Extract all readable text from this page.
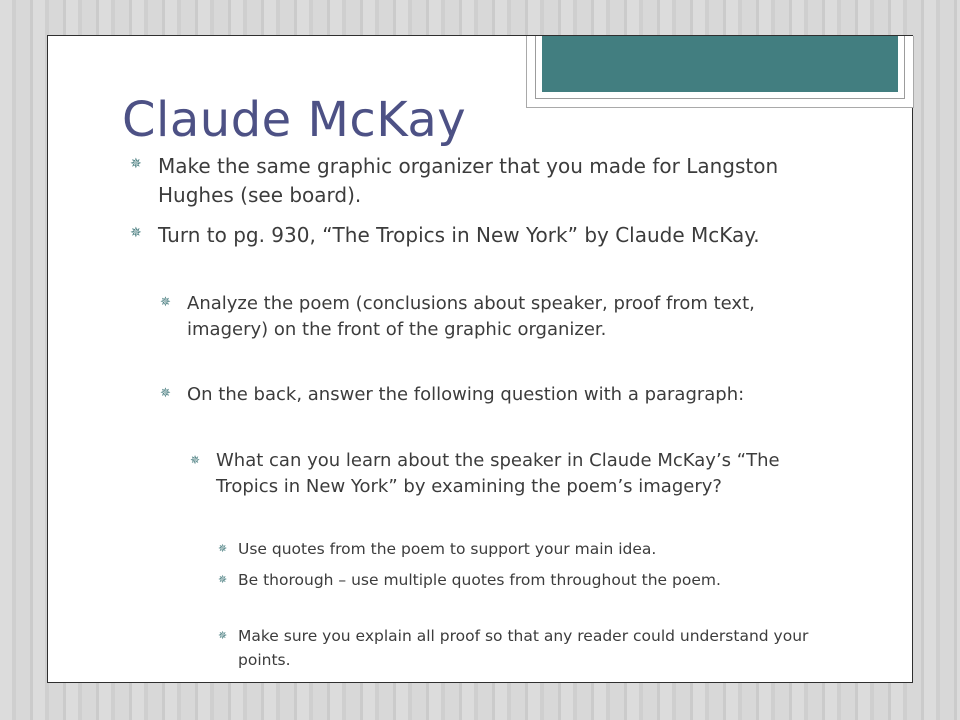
Claude McKay
✵ Make the same graphic organizer that you made for Langston Hughes (see board).

✵ Turn to pg. 930, “The Tropics in New York” by Claude McKay.

✵ Analyze the poem (conclusions about speaker, proof from text, imagery) on the front of the graphic organizer.

✵ On the back, answer the following question with a paragraph:

✵ What can you learn about the speaker in Claude McKay’s “The Tropics in New York” by examining the poem’s imagery?

✵ Use quotes from the poem to support your main idea.

✵ Be thorough – use multiple quotes from throughout the poem.

✵ Make sure you explain all proof so that any reader could understand your points.
